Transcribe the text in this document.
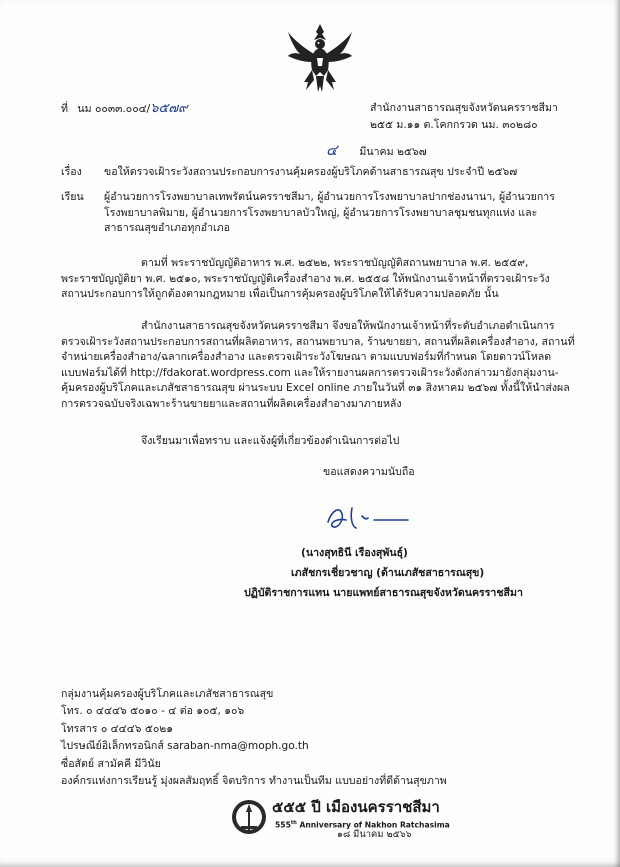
ที่ นม ๐๐๓๓.๐๐๔/๖๕๗๙	สำนักงานสาธารณสุขจังหวัดนครราชสีมา
๒๕๕ ม.๑๑ ต.โคกกรวด นม. ๓๐๒๘๐
๔ มีนาคม ๒๕๖๗
เรื่อง ขอให้ตรวจเฝ้าระวังสถานประกอบการงานคุ้มครองผู้บริโภคด้านสาธารณสุข ประจำปี ๒๕๖๗
เรียน ผู้อำนวยการโรงพยาบาลเทพรัตน์นครราชสีมา, ผู้อำนวยการโรงพยาบาลปากช่องนานา, ผู้อำนวยการ
โรงพยาบาลพิมาย, ผู้อำนวยการโรงพยาบาลบัวใหญ่, ผู้อำนวยการโรงพยาบาลชุมชนทุกแห่ง และ
สาธารณสุขอำเภอทุกอำเภอ
ตามที่ พระราชบัญญัติอาหาร พ.ศ. ๒๕๒๒, พระราชบัญญัติสถานพยาบาล พ.ศ. ๒๕๕๙,
พระราชบัญญัติยา พ.ศ. ๒๕๑๐, พระราชบัญญัติเครื่องสำอาง พ.ศ. ๒๕๕๘ ให้พนักงานเจ้าหน้าที่ตรวจเฝ้าระวัง
สถานประกอบการให้ถูกต้องตามกฎหมาย เพื่อเป็นการคุ้มครองผู้บริโภคให้ได้รับความปลอดภัย นั้น
สำนักงานสาธารณสุขจังหวัดนครราชสีมา จึงขอให้พนักงานเจ้าหน้าที่ระดับอำเภอดำเนินการ
ตรวจเฝ้าระวังสถานประกอบการสถานที่ผลิตอาหาร, สถานพยาบาล, ร้านขายยา, สถานที่ผลิตเครื่องสำอาง, สถานที่
จำหน่ายเครื่องสำอาง/ฉลากเครื่องสำอาง และตรวจเฝ้าระวังโฆษณา ตามแบบฟอร์มที่กำหนด โดยดาวน์โหลด
แบบฟอร์มได้ที่ http://fdakorat.wordpress.com และให้รายงานผลการตรวจเฝ้าระวังดังกล่าวมายังกลุ่มงาน-
คุ้มครองผู้บริโภคและเภสัชสาธารณสุข ผ่านระบบ Excel online ภายในวันที่ ๓๑ สิงหาคม ๒๕๖๗ ทั้งนี้ให้นำส่งผล
การตรวจฉบับจริงเฉพาะร้านขายยาและสถานที่ผลิตเครื่องสำอางมาภายหลัง
จึงเรียนมาเพื่อทราบ และแจ้งผู้ที่เกี่ยวข้องดำเนินการต่อไป
ขอแสดงความนับถือ
(นางสุทธินี เรืองสุพันธุ์)
เภสัชกรเชี่ยวชาญ (ด้านเภสัชสาธารณสุข)
ปฏิบัติราชการแทน นายแพทย์สาธารณสุขจังหวัดนครราชสีมา
กลุ่มงานคุ้มครองผู้บริโภคและเภสัชสาธารณสุข
โทร. ๐ ๔๔๔๖ ๕๐๑๐ - ๔ ต่อ ๑๐๕, ๑๐๖
โทรสาร ๐ ๔๔๔๖ ๕๐๒๑
ไปรษณีย์อิเล็กทรอนิกส์ saraban-nma@moph.go.th
ซื่อสัตย์ สามัคคี มีวินัย
องค์กรแห่งการเรียนรู้ มุ่งผลสัมฤทธิ์ จิตบริการ ทำงานเป็นทีม แบบอย่างที่ดีด้านสุขภาพ
๕๕๕ ปี เมืองนครราชสีมา
555th Anniversary of Nakhon Ratchasima
๑๘ มีนาคม ๒๕๖๖
